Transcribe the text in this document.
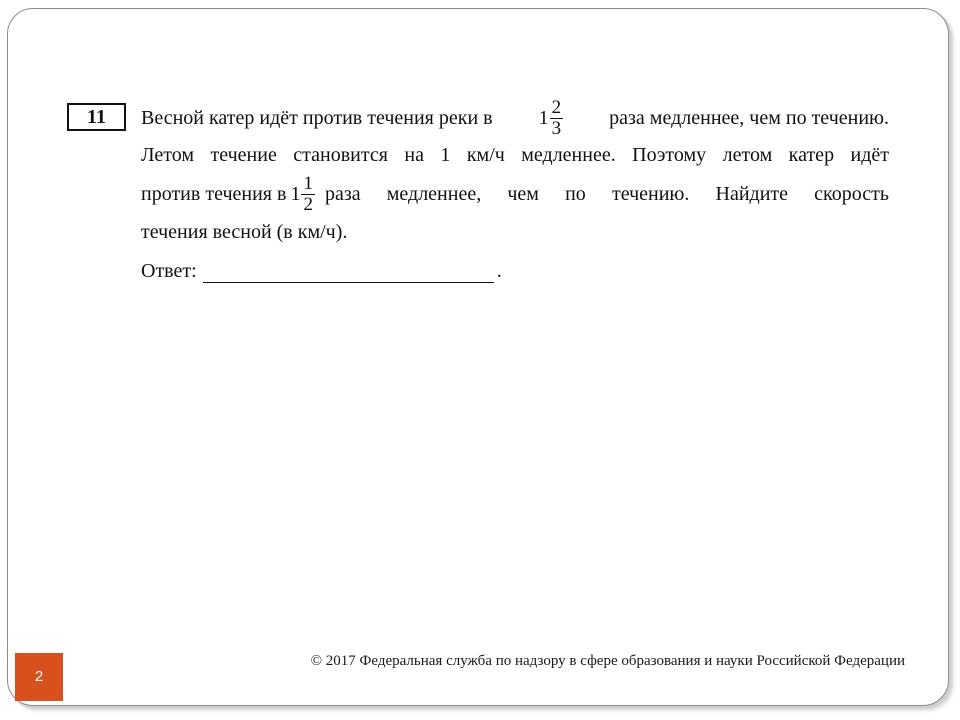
11	Весной катер идёт против течения реки в $1 \frac{2}{3}$ раза медленнее, чем по течению.
Летом течение становится на 1 км/ч медленнее. Поэтому летом катер идёт
против течения в $1 \frac{1}{2}$ раза медленнее, чем по течению. Найдите скорость
течения весной (в км/ч).
Ответ:	.
2
© 2017 Федеральная служба по надзору в сфере образования и науки Российской Федерации
